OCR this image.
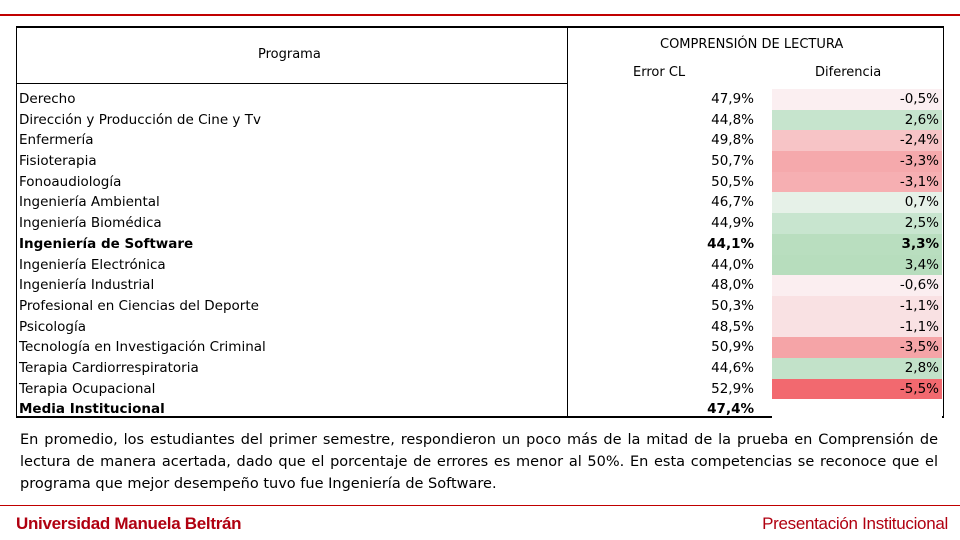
Programa
COMPRENSIÓN DE LECTURA
Error CL	Diferencia
Derecho	47,9%	-0,5%
Dirección y Producción de Cine y Tv	44,8%	2,6%
Enfermería	49,8%	-2,4%
Fisioterapia	50,7%	-3,3%
Fonoaudiología	50,5%	-3,1%
Ingeniería Ambiental	46,7%	0,7%
Ingeniería Biomédica	44,9%	2,5%
Ingeniería de Software	44,1%	3,3%
Ingeniería Electrónica	44,0%	3,4%
Ingeniería Industrial	48,0%	-0,6%
Profesional en Ciencias del Deporte	50,3%	-1,1%
Psicología	48,5%	-1,1%
Tecnología en Investigación Criminal	50,9%	-3,5%
Terapia Cardiorrespiratoria	44,6%	2,8%
Terapia Ocupacional	52,9%	-5,5%
Media Institucional	47,4%
En promedio, los estudiantes del primer semestre, respondieron un poco más de la mitad de la prueba en Comprensión de lectura de manera acertada, dado que el porcentaje de errores es menor al 50%. En esta competencias se reconoce que el programa que mejor desempeño tuvo fue Ingeniería de Software.
Universidad Manuela Beltrán	Presentación Institucional
